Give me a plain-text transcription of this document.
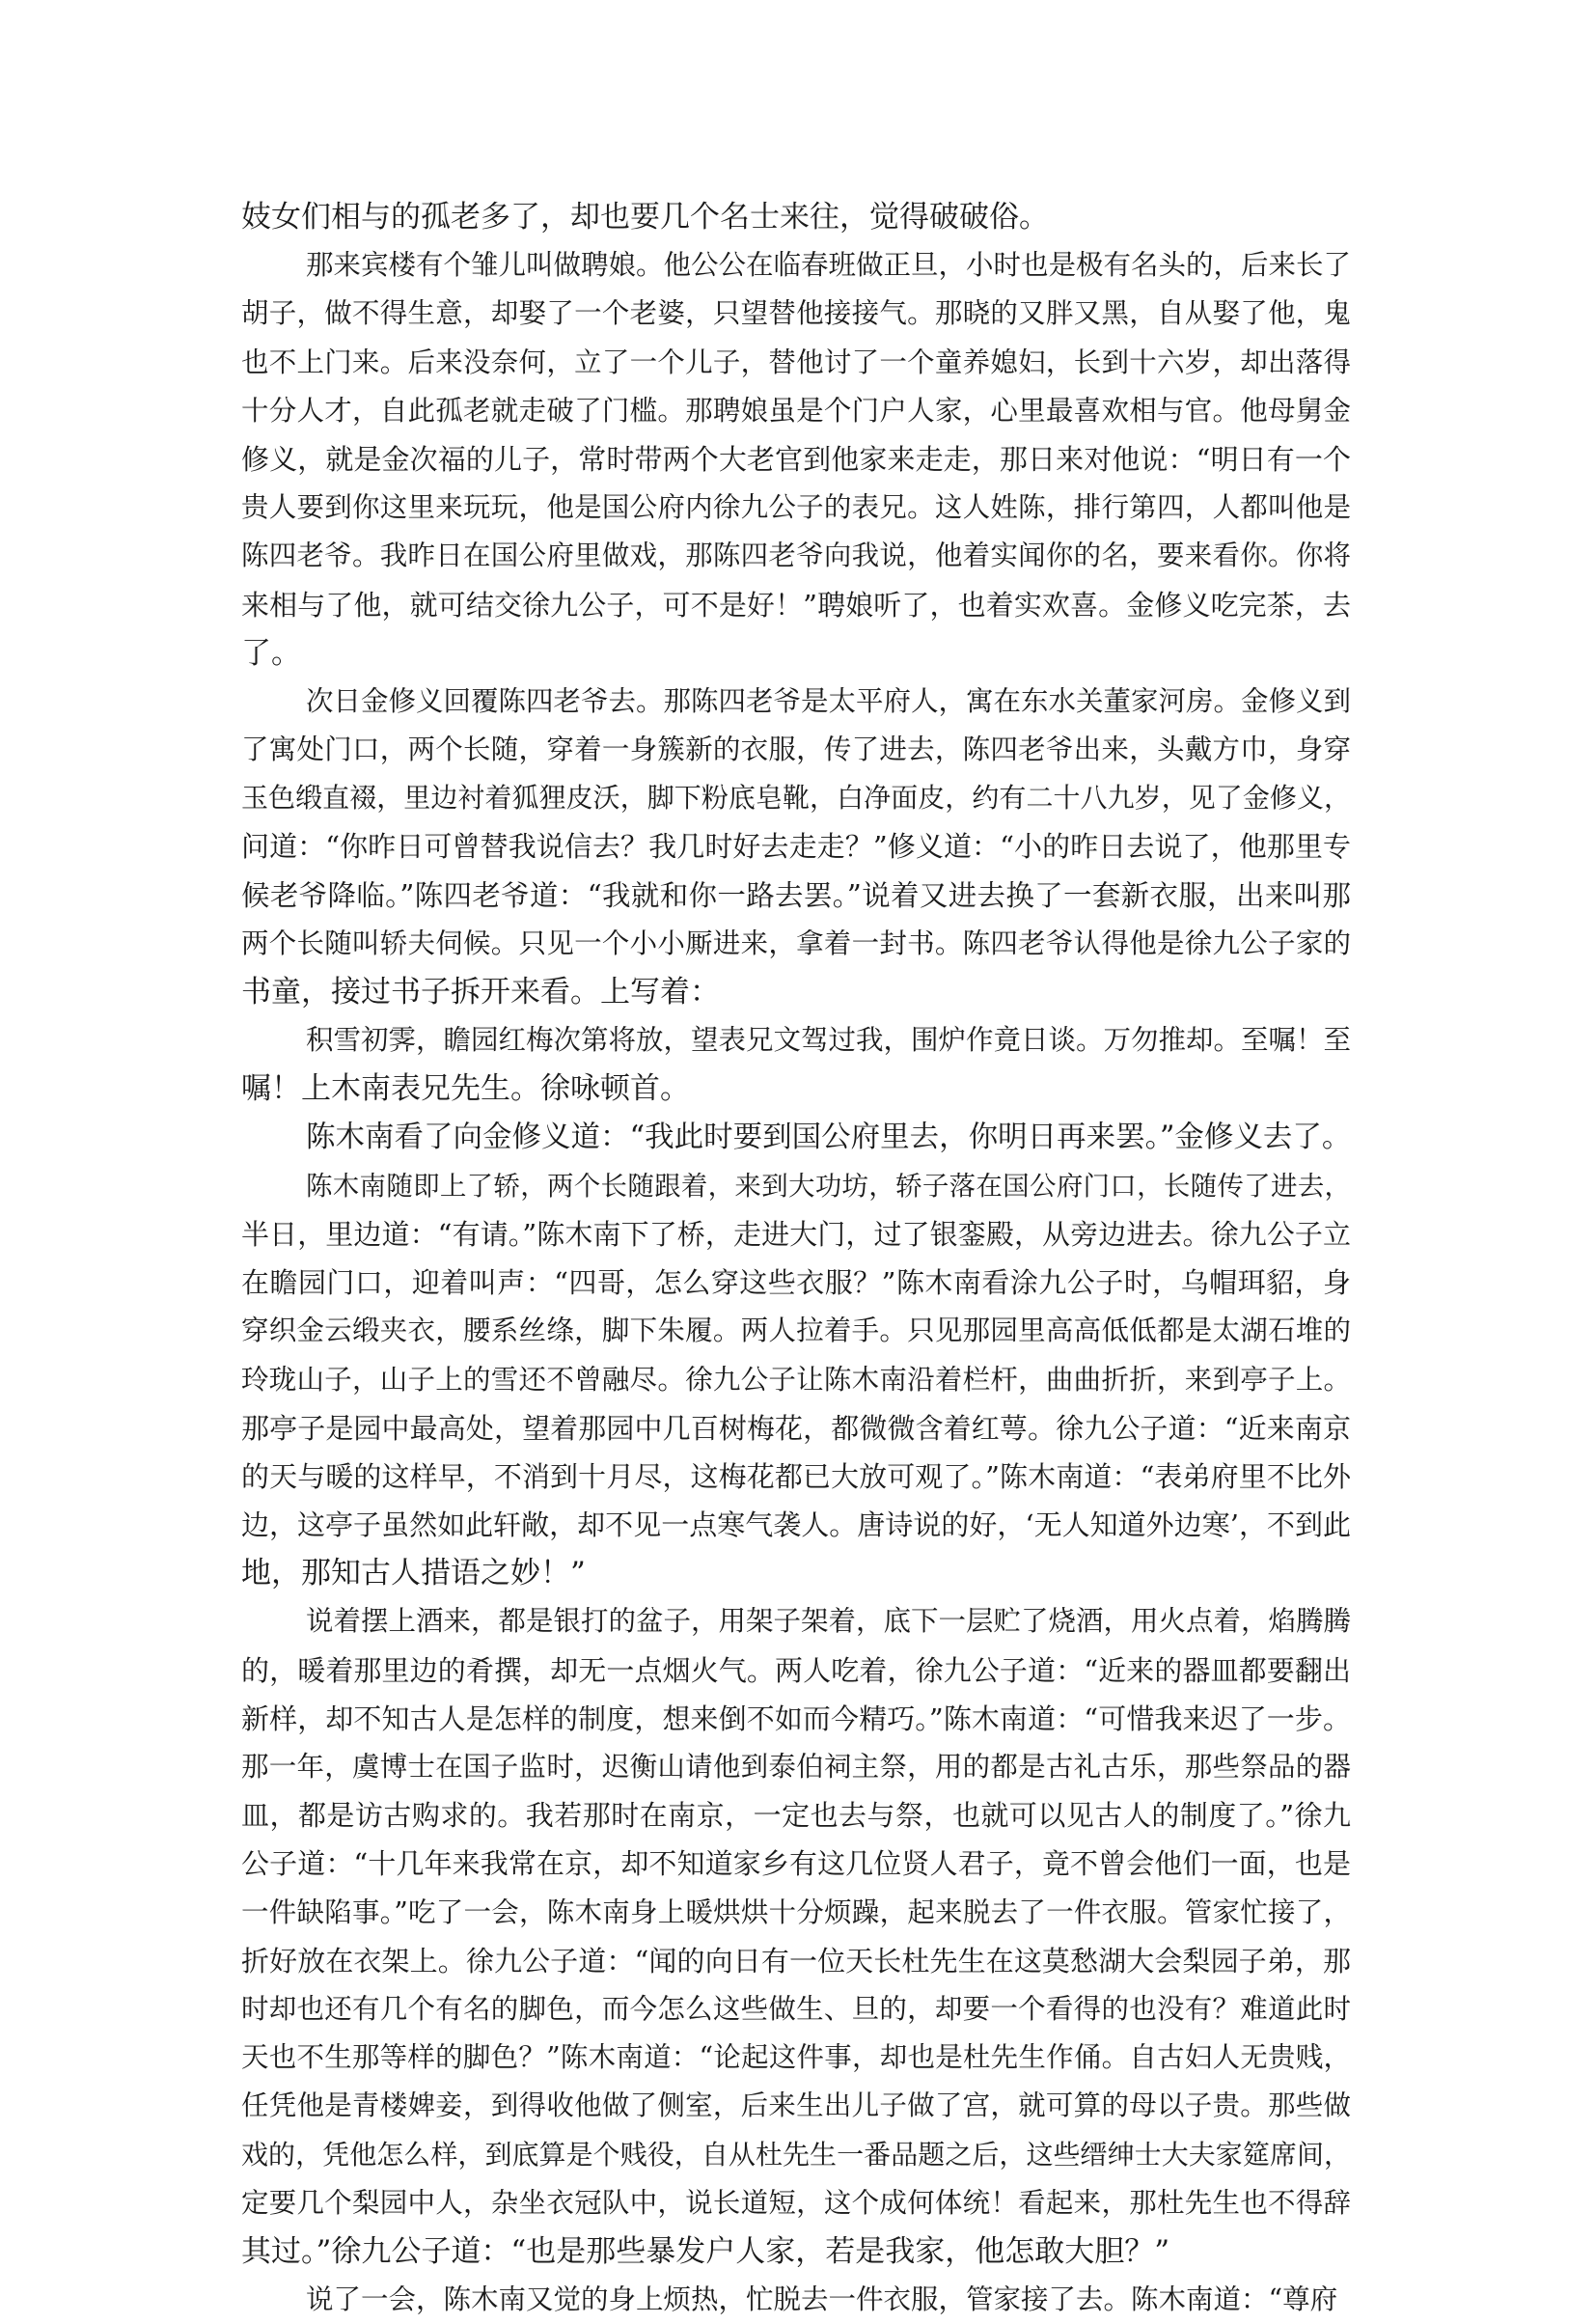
妓女们相与的孤老多了，却也要几个名士来往，觉得破破俗。
那来宾楼有个雏儿叫做聘娘。他公公在临春班做正旦，小时也是极有名头的，后来长了
胡子，做不得生意，却娶了一个老婆，只望替他接接气。那晓的又胖又黑，自从娶了他，鬼
也不上门来。后来没奈何，立了一个儿子，替他讨了一个童养媳妇，长到十六岁，却出落得
十分人才，自此孤老就走破了门槛。那聘娘虽是个门户人家，心里最喜欢相与官。他母舅金
修义，就是金次福的儿子，常时带两个大老官到他家来走走，那日来对他说：“明日有一个
贵人要到你这里来玩玩，他是国公府内徐九公子的表兄。这人姓陈，排行第四，人都叫他是
陈四老爷。我昨日在国公府里做戏，那陈四老爷向我说，他着实闻你的名，要来看你。你将
来相与了他，就可结交徐九公子，可不是好！”聘娘听了，也着实欢喜。金修义吃完茶，去
了。
次日金修义回覆陈四老爷去。那陈四老爷是太平府人，寓在东水关董家河房。金修义到
了寓处门口，两个长随，穿着一身簇新的衣服，传了进去，陈四老爷出来，头戴方巾，身穿
玉色缎直裰，里边衬着狐狸皮沃，脚下粉底皂靴，白净面皮，约有二十八九岁，见了金修义，
问道：“你昨日可曾替我说信去？我几时好去走走？”修义道：“小的昨日去说了，他那里专
候老爷降临。”陈四老爷道：“我就和你一路去罢。”说着又进去换了一套新衣服，出来叫那
两个长随叫轿夫伺候。只见一个小小厮进来，拿着一封书。陈四老爷认得他是徐九公子家的
书童，接过书子拆开来看。上写着：
积雪初霁，瞻园红梅次第将放，望表兄文驾过我，围炉作竟日谈。万勿推却。至嘱！至
嘱！上木南表兄先生。徐咏顿首。
陈木南看了向金修义道：“我此时要到国公府里去，你明日再来罢。”金修义去了。
陈木南随即上了轿，两个长随跟着，来到大功坊，轿子落在国公府门口，长随传了进去，
半日，里边道：“有请。”陈木南下了桥，走进大门，过了银銮殿，从旁边进去。徐九公子立
在瞻园门口，迎着叫声：“四哥，怎么穿这些衣服？”陈木南看涂九公子时，乌帽珥貂，身
穿织金云缎夹衣，腰系丝绦，脚下朱履。两人拉着手。只见那园里高高低低都是太湖石堆的
玲珑山子，山子上的雪还不曾融尽。徐九公子让陈木南沿着栏杆，曲曲折折，来到亭子上。
那亭子是园中最高处，望着那园中几百树梅花，都微微含着红萼。徐九公子道：“近来南京
的天与暖的这样早，不消到十月尽，这梅花都已大放可观了。”陈木南道：“表弟府里不比外
边，这亭子虽然如此轩敞，却不见一点寒气袭人。唐诗说的好，‘无人知道外边寒’，不到此
地，那知古人措语之妙！”
说着摆上酒来，都是银打的盆子，用架子架着，底下一层贮了烧酒，用火点着，焰腾腾
的，暖着那里边的肴撰，却无一点烟火气。两人吃着，徐九公子道：“近来的器皿都要翻出
新样，却不知古人是怎样的制度，想来倒不如而今精巧。”陈木南道：“可惜我来迟了一步。
那一年，虞博士在国子监时，迟衡山请他到泰伯祠主祭，用的都是古礼古乐，那些祭品的器
皿，都是访古购求的。我若那时在南京，一定也去与祭，也就可以见古人的制度了。”徐九
公子道：“十几年来我常在京，却不知道家乡有这几位贤人君子，竟不曾会他们一面，也是
一件缺陷事。”吃了一会，陈木南身上暖烘烘十分烦躁，起来脱去了一件衣服。管家忙接了，
折好放在衣架上。徐九公子道：“闻的向日有一位天长杜先生在这莫愁湖大会梨园子弟，那
时却也还有几个有名的脚色，而今怎么这些做生、旦的，却要一个看得的也没有？难道此时
天也不生那等样的脚色？”陈木南道：“论起这件事，却也是杜先生作俑。自古妇人无贵贱，
任凭他是青楼婢妾，到得收他做了侧室，后来生出儿子做了宫，就可算的母以子贵。那些做
戏的，凭他怎么样，到底算是个贱役，自从杜先生一番品题之后，这些缙绅士大夫家筵席间，
定要几个梨园中人，杂坐衣冠队中，说长道短，这个成何体统！看起来，那杜先生也不得辞
其过。”徐九公子道：“也是那些暴发户人家，若是我家，他怎敢大胆？”
说了一会，陈木南又觉的身上烦热，忙脱去一件衣服，管家接了去。陈木南道：“尊府
